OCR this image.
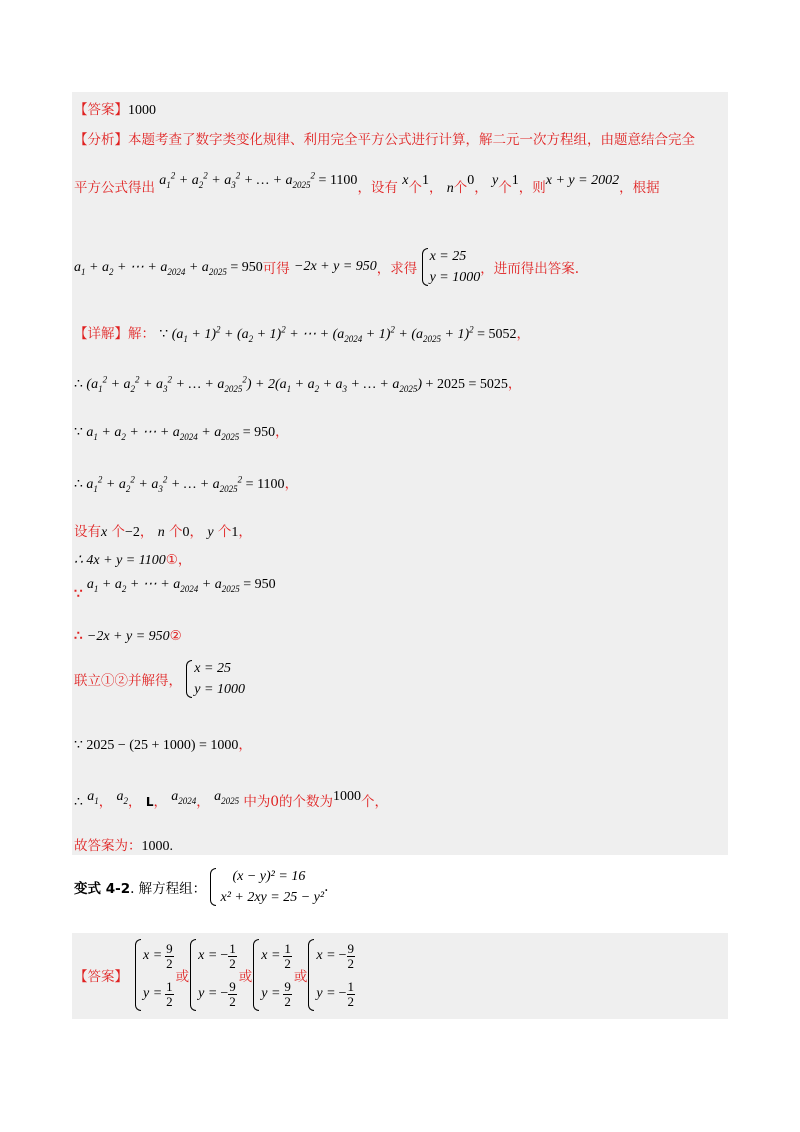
【答案】1000
【分析】本题考查了数字类变化规律、利用完全平方公式进行计算，解二元一次方程组，由题意结合完全
平方公式得出 $a_1^2 + a_2^2 + a_3^2$ + … + $a_{2025}^2 = 1100$，设有 x个1， n个0， y个1，则x + y = 2002，根据
$a_1 + a_2$ + ⋯ + $a_{2024} + a_{2025} = 950$可得 −2x + y = 950，求得
x = 25
y = 1000
，进而得出答案.
【详解】解： ∵ $(a_1 + 1)^2 + (a_2 + 1)^2$ + ⋯ + $(a_{2024} + 1)^2 + (a_{2025} + 1)^2 = 5052$，
∴ ($a_1^2 + a_2^2 + a_3^2$ + … + $a_{2025}^2) + 2(a_1 + a_2 + a_3$ + … + $a_{2025}) + 2025 = 5025$，
∵ $a_1 + a_2$ + ⋯ + $a_{2024} + a_{2025} = 950$，
∴ $a_1^2 + a_2^2 + a_3^2$ + … + $a_{2025}^2 = 1100$，
设有x 个−2， n 个0， y 个1，
∴ 4x + y = 1100①，
∵ $a_1 + a_2$ + ⋯ + $a_{2024} + a_{2025} = 950$
∴ −2x + y = 950②
联立①②并解得，
x = 25
y = 1000
∵ 2025 − (25 + 1000) = 1000，
∴ $a_1$， $a_2$， L， $a_{2024}$， $a_{2025}$ 中为0的个数为1000个，
故答案为：1000.
变式 4-2. 解方程组：
(x − y)² = 16
x² + 2xy = 25 − y²
.
【答案】
$x = \frac{9}{2}$
$y = \frac{1}{2}$
或
x = − $\frac{1}{2}$
y = − $\frac{9}{2}$
或
$x = \frac{1}{2}$
$y = \frac{9}{2}$
或
x = − $\frac{9}{2}$
y = − $\frac{1}{2}$
